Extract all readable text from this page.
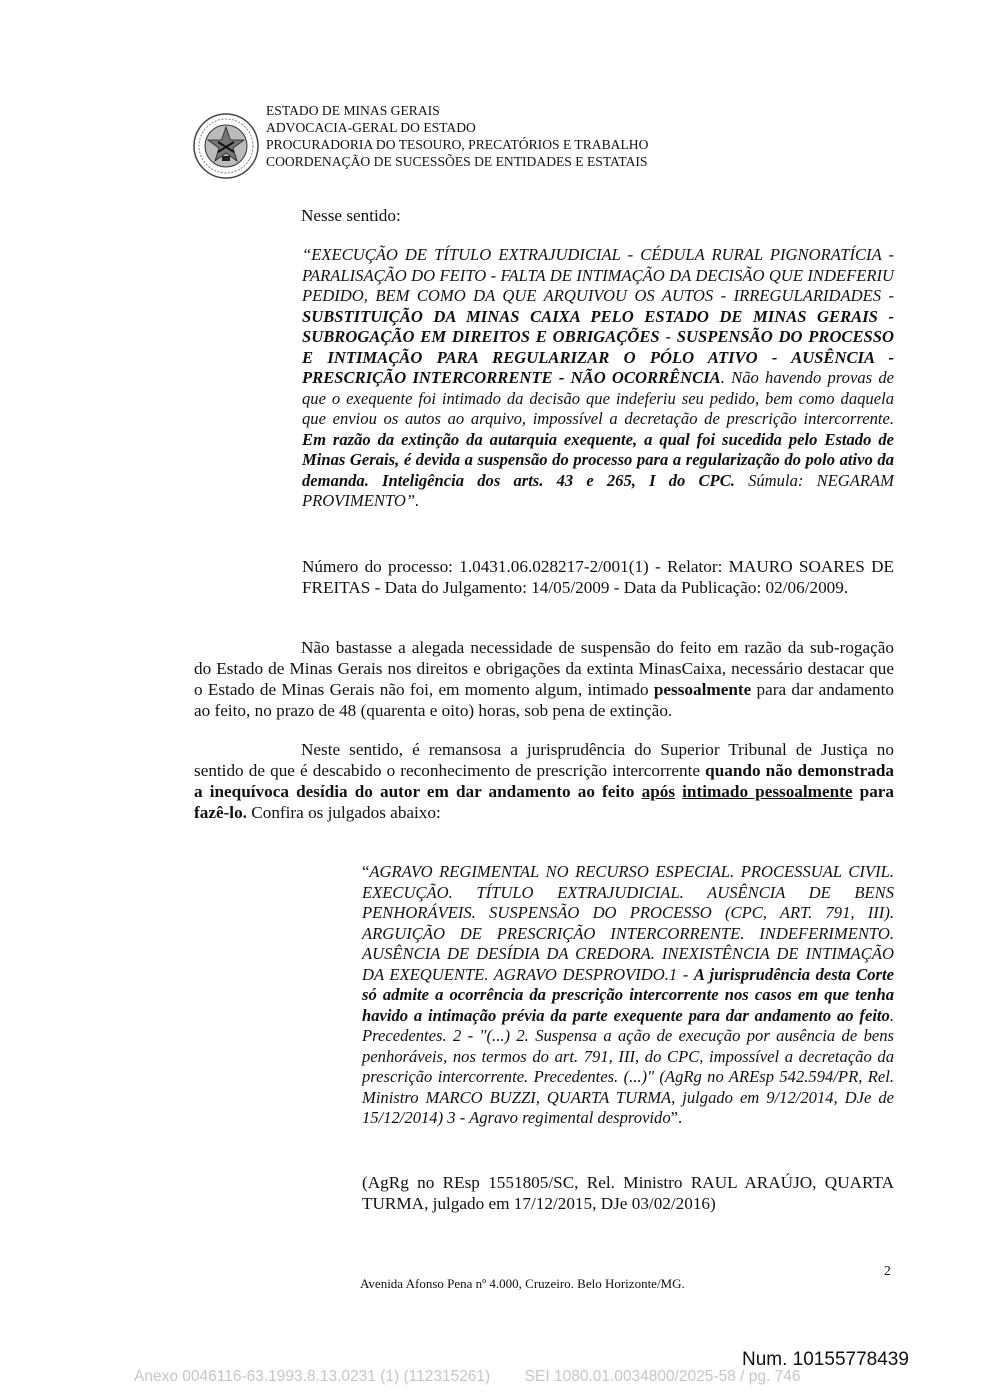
ESTADO DE MINAS GERAIS
ADVOCACIA-GERAL DO ESTADO
PROCURADORIA DO TESOURO, PRECATÓRIOS E TRABALHO
COORDENAÇÃO DE SUCESSÕES DE ENTIDADES E ESTATAIS

Nesse sentido:

“EXECUÇÃO DE TÍTULO EXTRAJUDICIAL - CÉDULA RURAL PIGNORATÍCIA - PARALISAÇÃO DO FEITO - FALTA DE INTIMAÇÃO DA DECISÃO QUE INDEFERIU PEDIDO, BEM COMO DA QUE ARQUIVOU OS AUTOS - IRREGULARIDADES - SUBSTITUIÇÃO DA MINAS CAIXA PELO ESTADO DE MINAS GERAIS - SUBROGAÇÃO EM DIREITOS E OBRIGAÇÕES - SUSPENSÃO DO PROCESSO E INTIMAÇÃO PARA REGULARIZAR O PÓLO ATIVO - AUSÊNCIA - PRESCRIÇÃO INTERCORRENTE - NÃO OCORRÊNCIA. Não havendo provas de que o exequente foi intimado da decisão que indeferiu seu pedido, bem como daquela que enviou os autos ao arquivo, impossível a decretação de prescrição intercorrente. Em razão da extinção da autarquia exequente, a qual foi sucedida pelo Estado de Minas Gerais, é devida a suspensão do processo para a regularização do polo ativo da demanda. Inteligência dos arts. 43 e 265, I do CPC. Súmula: NEGARAM PROVIMENTO”.

Número do processo: 1.0431.06.028217-2/001(1) - Relator: MAURO SOARES DE FREITAS - Data do Julgamento: 14/05/2009 - Data da Publicação: 02/06/2009.

Não bastasse a alegada necessidade de suspensão do feito em razão da sub-rogação do Estado de Minas Gerais nos direitos e obrigações da extinta MinasCaixa, necessário destacar que o Estado de Minas Gerais não foi, em momento algum, intimado pessoalmente para dar andamento ao feito, no prazo de 48 (quarenta e oito) horas, sob pena de extinção.

Neste sentido, é remansosa a jurisprudência do Superior Tribunal de Justiça no sentido de que é descabido o reconhecimento de prescrição intercorrente quando não demonstrada a inequívoca desídia do autor em dar andamento ao feito após intimado pessoalmente para fazê-lo. Confira os julgados abaixo:

“AGRAVO REGIMENTAL NO RECURSO ESPECIAL. PROCESSUAL CIVIL. EXECUÇÃO. TÍTULO EXTRAJUDICIAL. AUSÊNCIA DE BENS PENHORÁVEIS. SUSPENSÃO DO PROCESSO (CPC, ART. 791, III). ARGUIÇÃO DE PRESCRIÇÃO INTERCORRENTE. INDEFERIMENTO. AUSÊNCIA DE DESÍDIA DA CREDORA. INEXISTÊNCIA DE INTIMAÇÃO DA EXEQUENTE. AGRAVO DESPROVIDO.1 - A jurisprudência desta Corte só admite a ocorrência da prescrição intercorrente nos casos em que tenha havido a intimação prévia da parte exequente para dar andamento ao feito. Precedentes. 2 - "(...) 2. Suspensa a ação de execução por ausência de bens penhoráveis, nos termos do art. 791, III, do CPC, impossível a decretação da prescrição intercorrente. Precedentes. (...)" (AgRg no AREsp 542.594/PR, Rel. Ministro MARCO BUZZI, QUARTA TURMA, julgado em 9/12/2014, DJe de 15/12/2014) 3 - Agravo regimental desprovido”.

(AgRg no REsp 1551805/SC, Rel. Ministro RAUL ARAÚJO, QUARTA TURMA, julgado em 17/12/2015, DJe 03/02/2016)

2
Avenida Afonso Pena nº 4.000, Cruzeiro. Belo Horizonte/MG.
Num. 10155778439
Anexo 0046116-63.1993.8.13.0231 (1) (112315261)        SEI 1080.01.0034800/2025-58 / pg. 746
